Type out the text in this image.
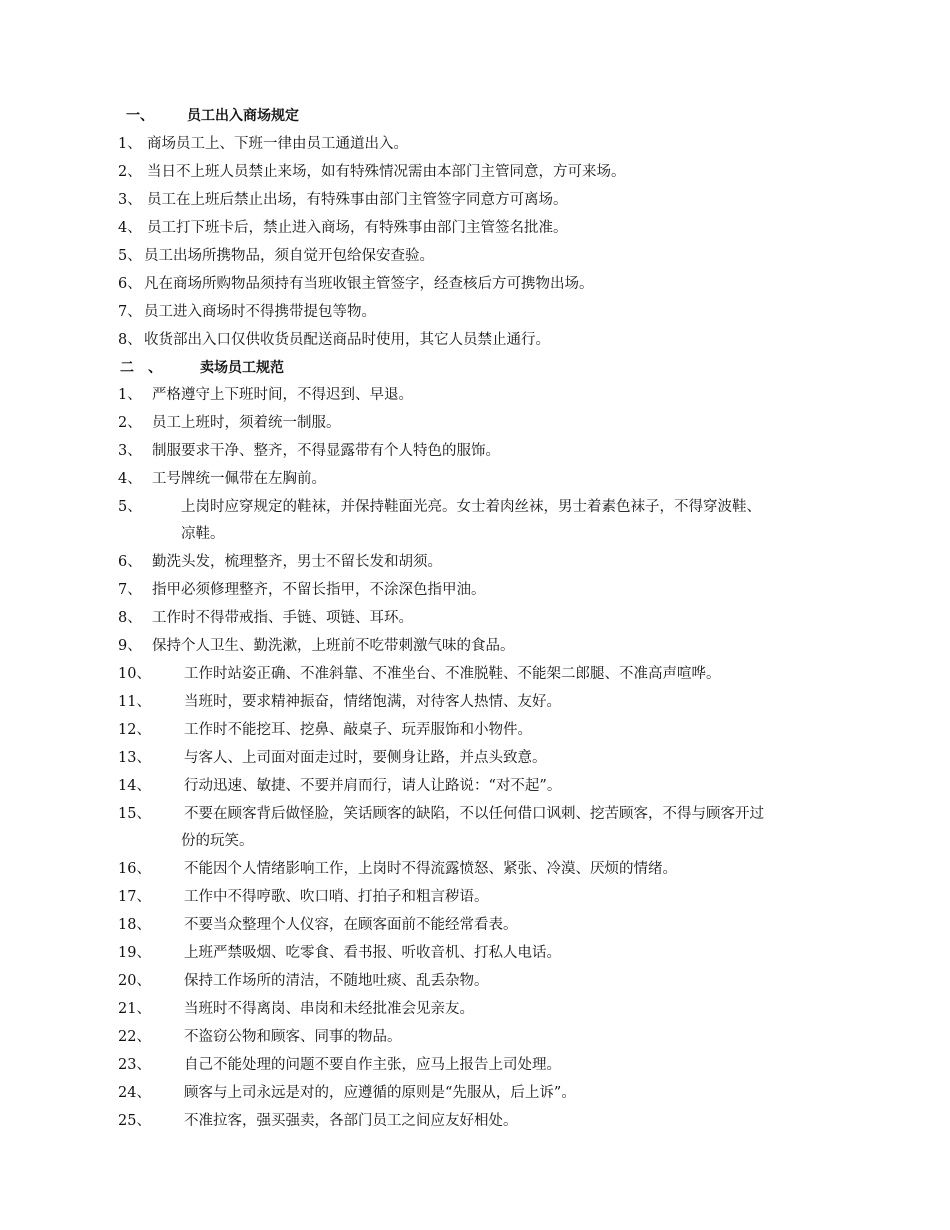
一、 员工出入商场规定
1、 商场员工上、下班一律由员工通道出入。
2、 当日不上班人员禁止来场，如有特殊情况需由本部门主管同意，方可来场。
3、 员工在上班后禁止出场，有特殊事由部门主管签字同意方可离场。
4、 员工打下班卡后，禁止进入商场，有特殊事由部门主管签名批准。
5、 员工出场所携物品，须自觉开包给保安查验。
6、 凡在商场所购物品须持有当班收银主管签字，经查核后方可携物出场。
7、 员工进入商场时不得携带提包等物。
8、 收货部出入口仅供收货员配送商品时使用，其它人员禁止通行。
二　、	卖场员工规范
1、 严格遵守上下班时间，不得迟到、早退。
2、 员工上班时，须着统一制服。
3、 制服要求干净、整齐，不得显露带有个人特色的服饰。
4、 工号牌统一佩带在左胸前。
5、	上岗时应穿规定的鞋袜，并保持鞋面光亮。女士着肉丝袜，男士着素色袜子，不得穿波鞋、
凉鞋。
6、 勤洗头发，梳理整齐，男士不留长发和胡须。
7、 指甲必须修理整齐，不留长指甲，不涂深色指甲油。
8、 工作时不得带戒指、手链、项链、耳环。
9、 保持个人卫生、勤洗漱，上班前不吃带刺激气味的食品。
10、 工作时站姿正确、不准斜靠、不准坐台、不准脱鞋、不能架二郎腿、不准高声喧哗。
11、 当班时，要求精神振奋，情绪饱满，对待客人热情、友好。
12、 工作时不能挖耳、挖鼻、敲桌子、玩弄服饰和小物件。
13、 与客人、上司面对面走过时，要侧身让路，并点头致意。
14、 行动迅速、敏捷、不要并肩而行，请人让路说：“对不起”。
15、 不要在顾客背后做怪脸，笑话顾客的缺陷，不以任何借口讽刺、挖苦顾客，不得与顾客开过
份的玩笑。
16、 不能因个人情绪影响工作，上岗时不得流露愤怒、紧张、冷漠、厌烦的情绪。
17、 工作中不得哼歌、吹口哨、打拍子和粗言秽语。
18、 不要当众整理个人仪容，在顾客面前不能经常看表。
19、 上班严禁吸烟、吃零食、看书报、听收音机、打私人电话。
20、 保持工作场所的清洁，不随地吐痰、乱丢杂物。
21、 当班时不得离岗、串岗和未经批准会见亲友。
22、 不盗窃公物和顾客、同事的物品。
23、 自己不能处理的问题不要自作主张，应马上报告上司处理。
24、 顾客与上司永远是对的，应遵循的原则是“先服从，后上诉”。
25、 不准拉客，强买强卖，各部门员工之间应友好相处。
